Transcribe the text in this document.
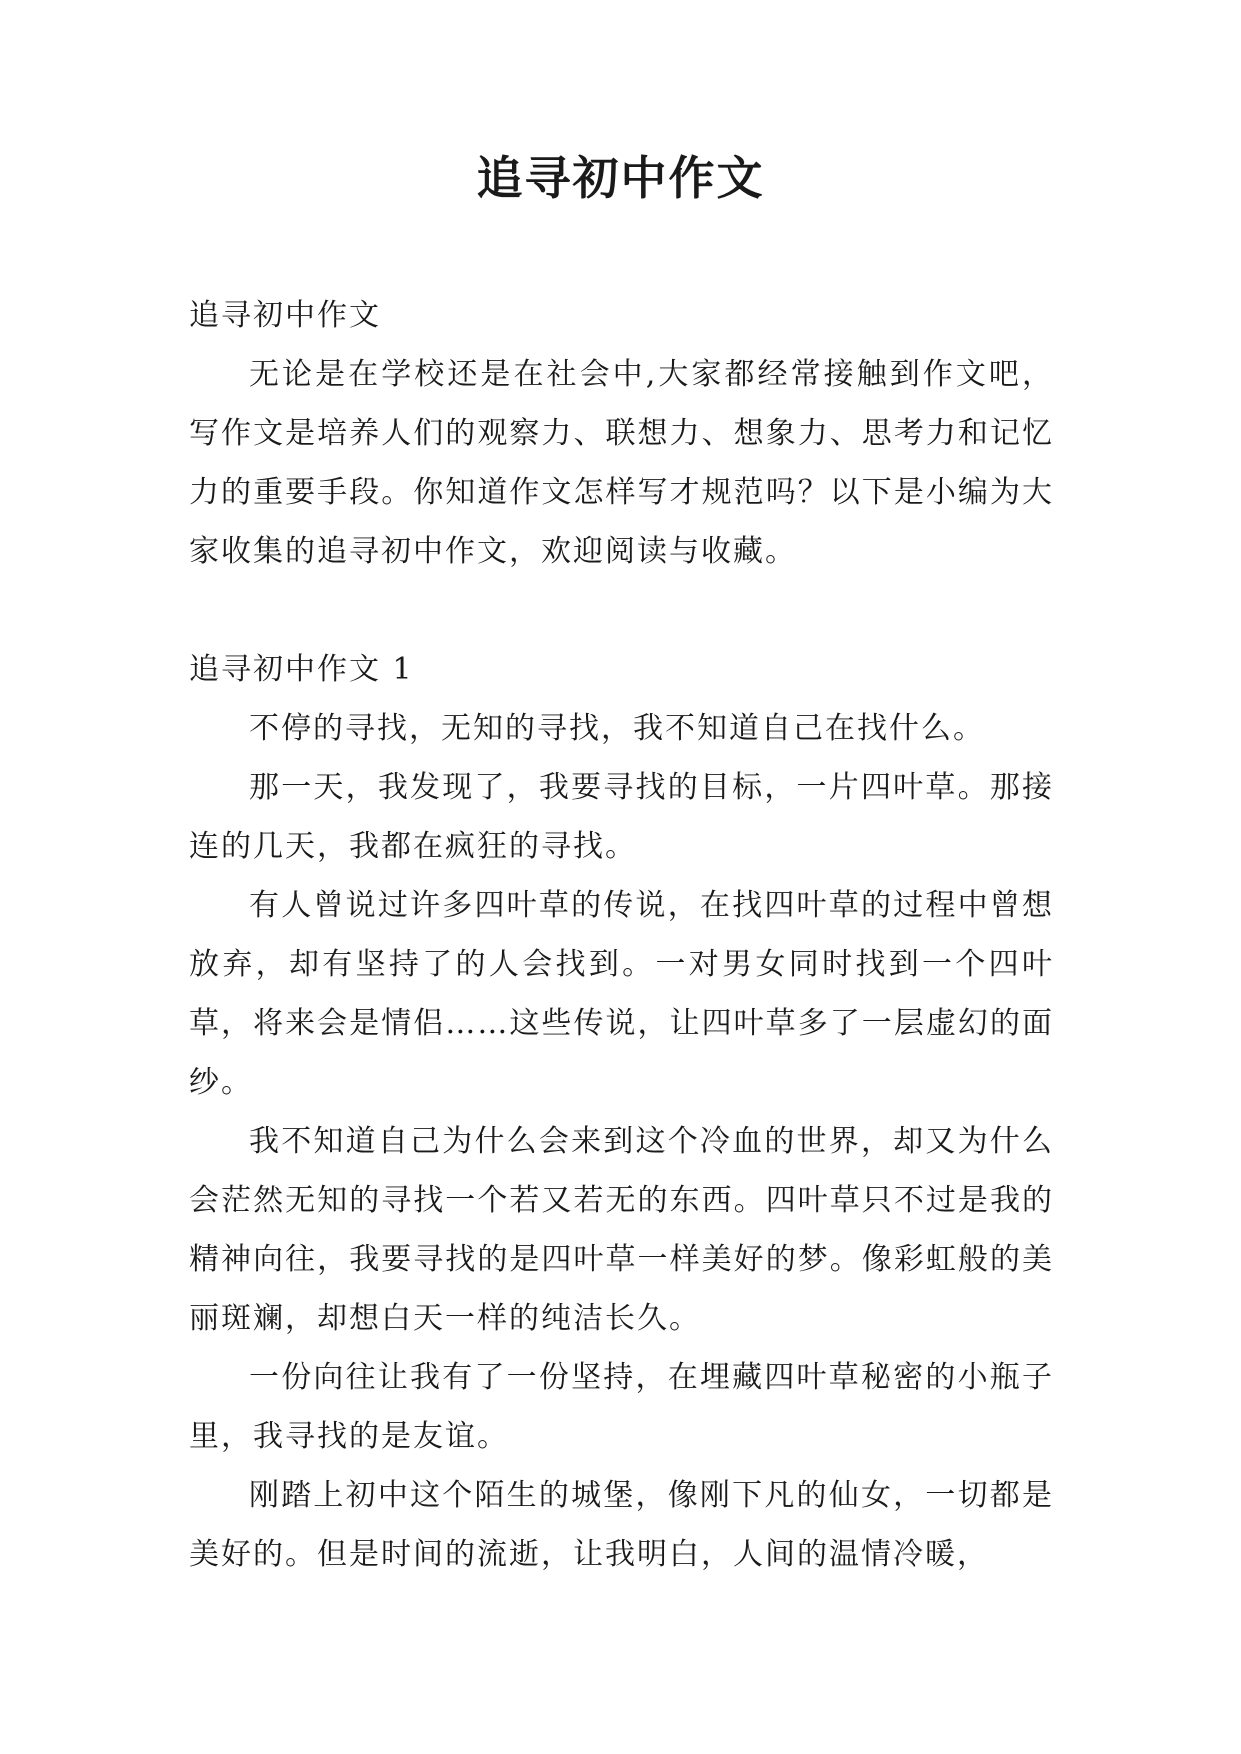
追寻初中作文

追寻初中作文

无论是在学校还是在社会中,大家都经常接触到作文吧，写作文是培养人们的观察力、联想力、想象力、思考力和记忆力的重要手段。你知道作文怎样写才规范吗？以下是小编为大家收集的追寻初中作文，欢迎阅读与收藏。

追寻初中作文 1

不停的寻找，无知的寻找，我不知道自己在找什么。

那一天，我发现了，我要寻找的目标，一片四叶草。那接连的几天，我都在疯狂的寻找。

有人曾说过许多四叶草的传说，在找四叶草的过程中曾想放弃，却有坚持了的人会找到。一对男女同时找到一个四叶草，将来会是情侣……这些传说，让四叶草多了一层虚幻的面纱。

我不知道自己为什么会来到这个冷血的世界，却又为什么会茫然无知的寻找一个若又若无的东西。四叶草只不过是我的精神向往，我要寻找的是四叶草一样美好的梦。像彩虹般的美丽斑斓，却想白天一样的纯洁长久。

一份向往让我有了一份坚持，在埋藏四叶草秘密的小瓶子里，我寻找的是友谊。

刚踏上初中这个陌生的城堡，像刚下凡的仙女，一切都是美好的。但是时间的流逝，让我明白，人间的温情冷暖，
